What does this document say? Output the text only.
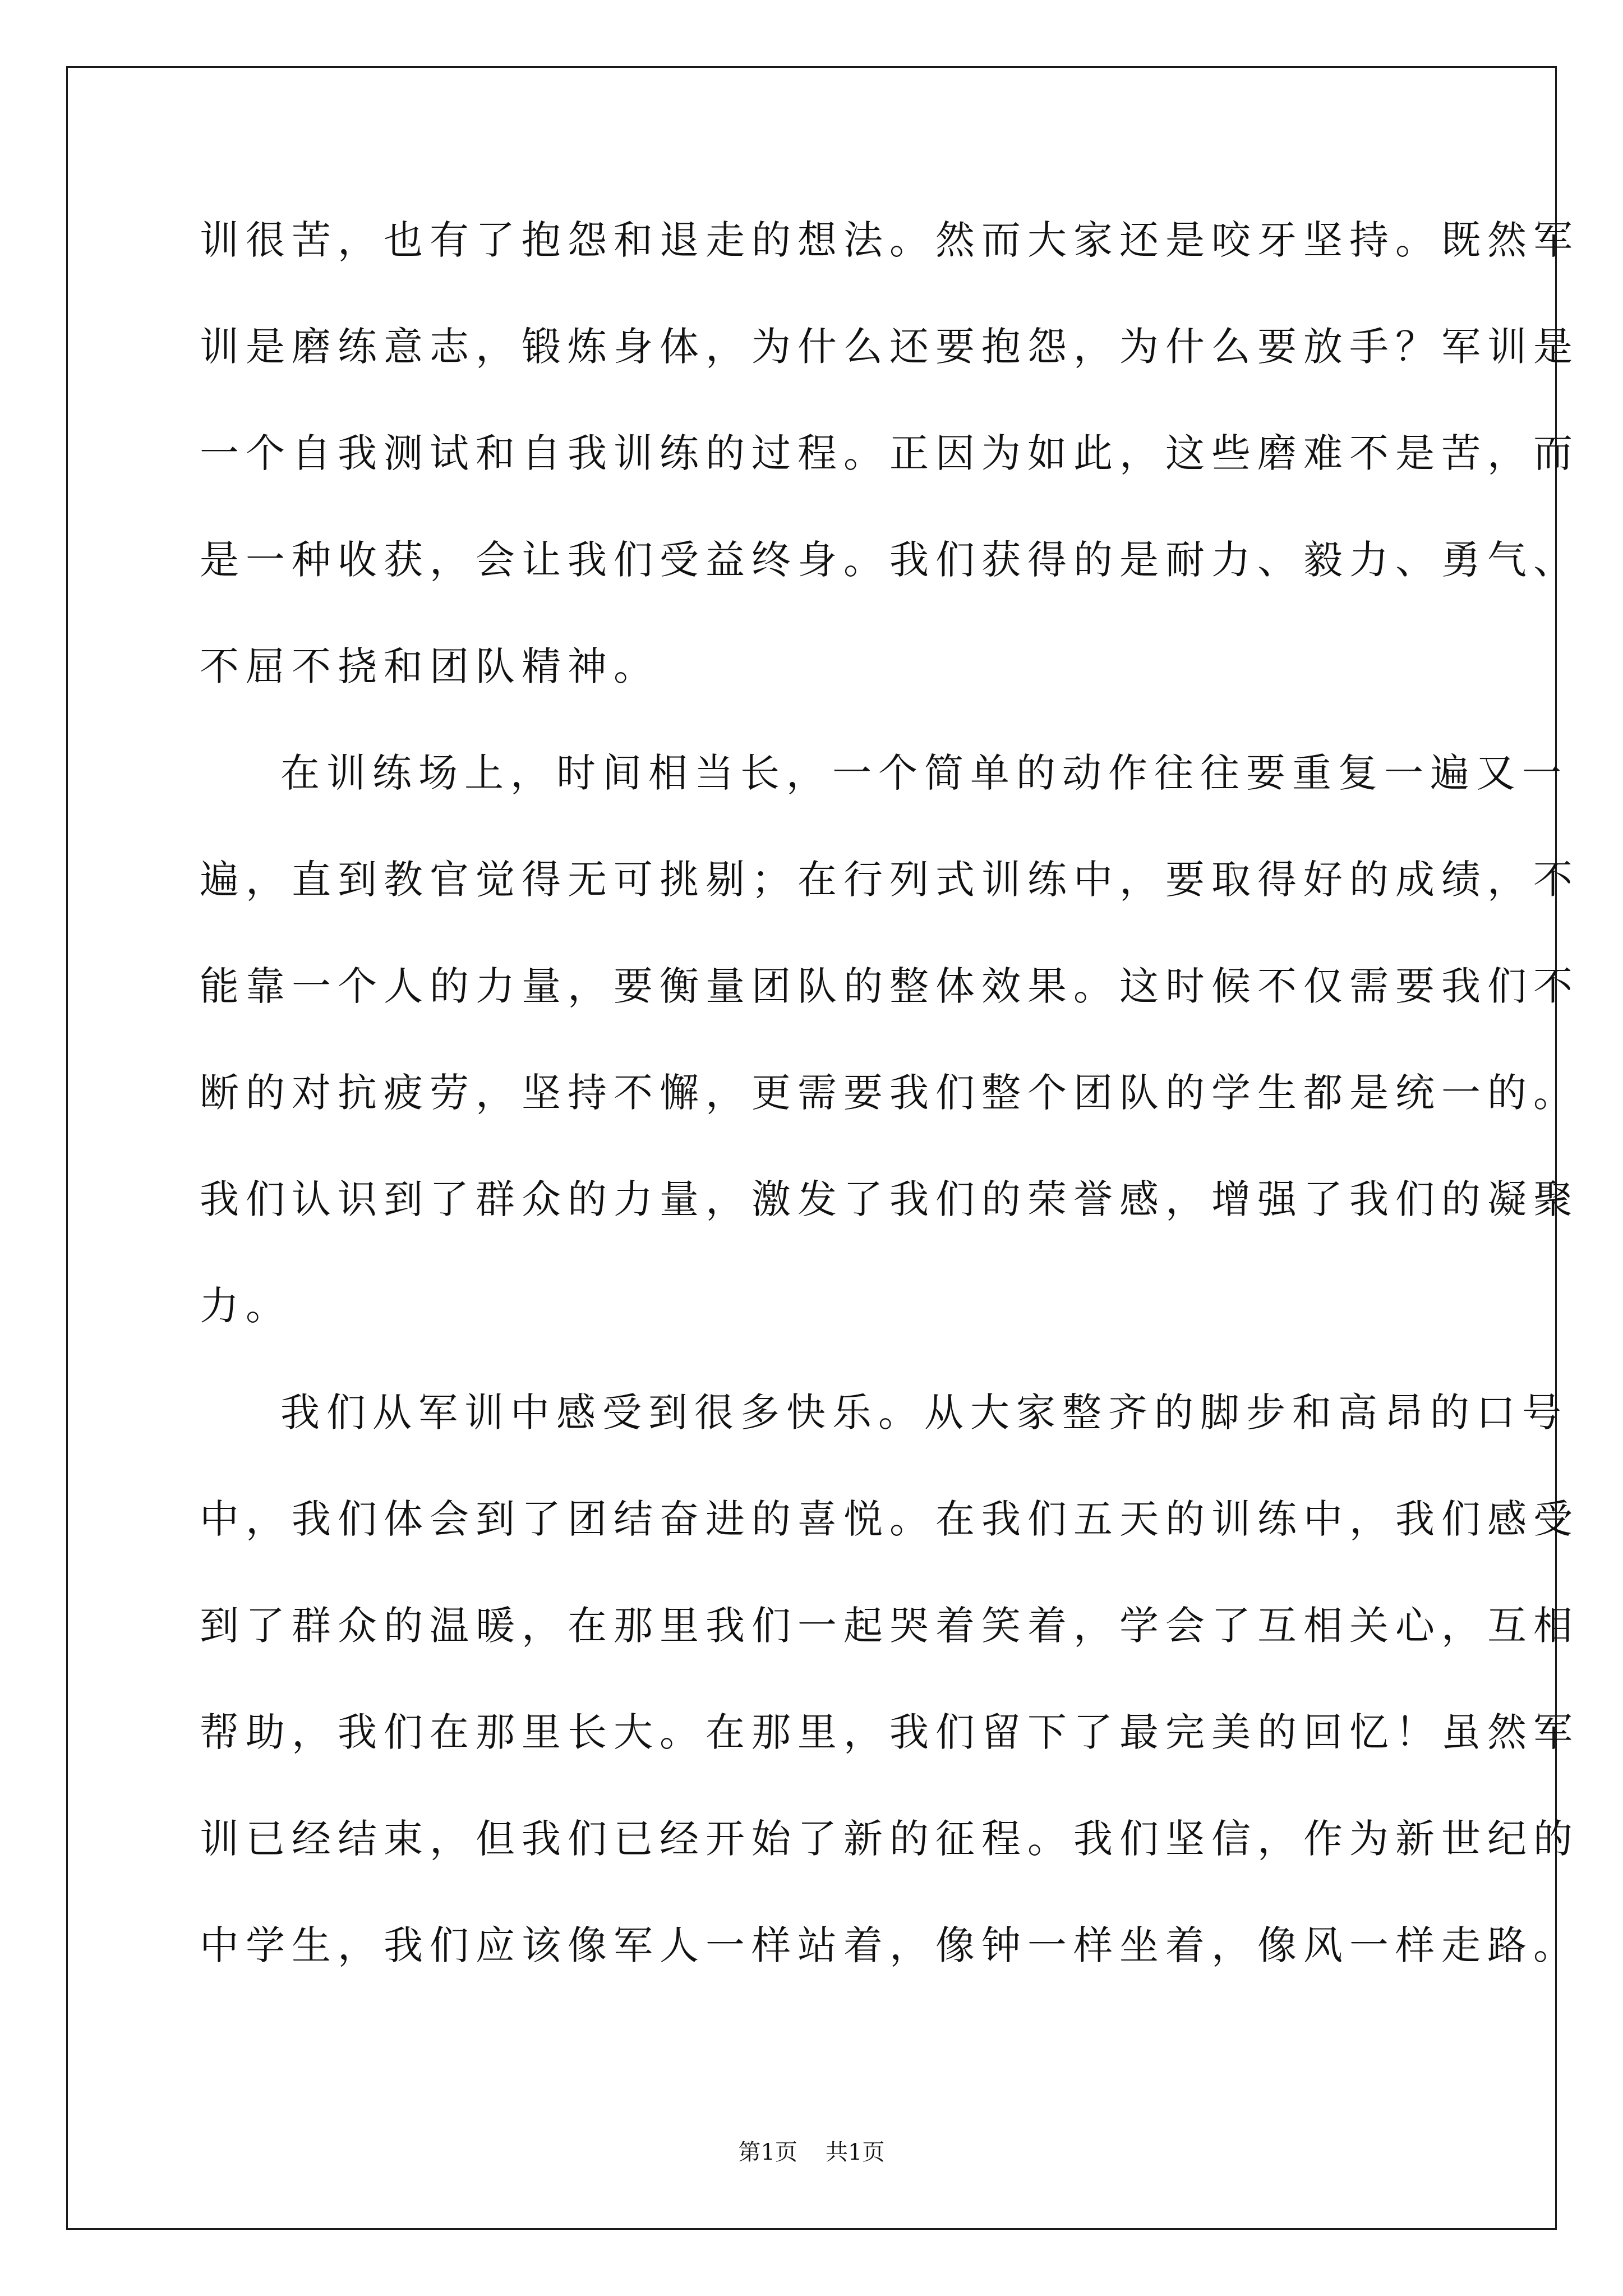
训很苦，也有了抱怨和退走的想法。然而大家还是咬牙坚持。既然军
训是磨练意志，锻炼身体，为什么还要抱怨，为什么要放手？军训是
一个自我测试和自我训练的过程。正因为如此，这些磨难不是苦，而
是一种收获，会让我们受益终身。我们获得的是耐力、毅力、勇气、
不屈不挠和团队精神。
在训练场上，时间相当长，一个简单的动作往往要重复一遍又一
遍，直到教官觉得无可挑剔；在行列式训练中，要取得好的成绩，不
能靠一个人的力量，要衡量团队的整体效果。这时候不仅需要我们不
断的对抗疲劳，坚持不懈，更需要我们整个团队的学生都是统一的。
我们认识到了群众的力量，激发了我们的荣誉感，增强了我们的凝聚
力。
我们从军训中感受到很多快乐。从大家整齐的脚步和高昂的口号
中，我们体会到了团结奋进的喜悦。在我们五天的训练中，我们感受
到了群众的温暖，在那里我们一起哭着笑着，学会了互相关心，互相
帮助，我们在那里长大。在那里，我们留下了最完美的回忆！虽然军
训已经结束，但我们已经开始了新的征程。我们坚信，作为新世纪的
中学生，我们应该像军人一样站着，像钟一样坐着，像风一样走路。
第1页 共1页
